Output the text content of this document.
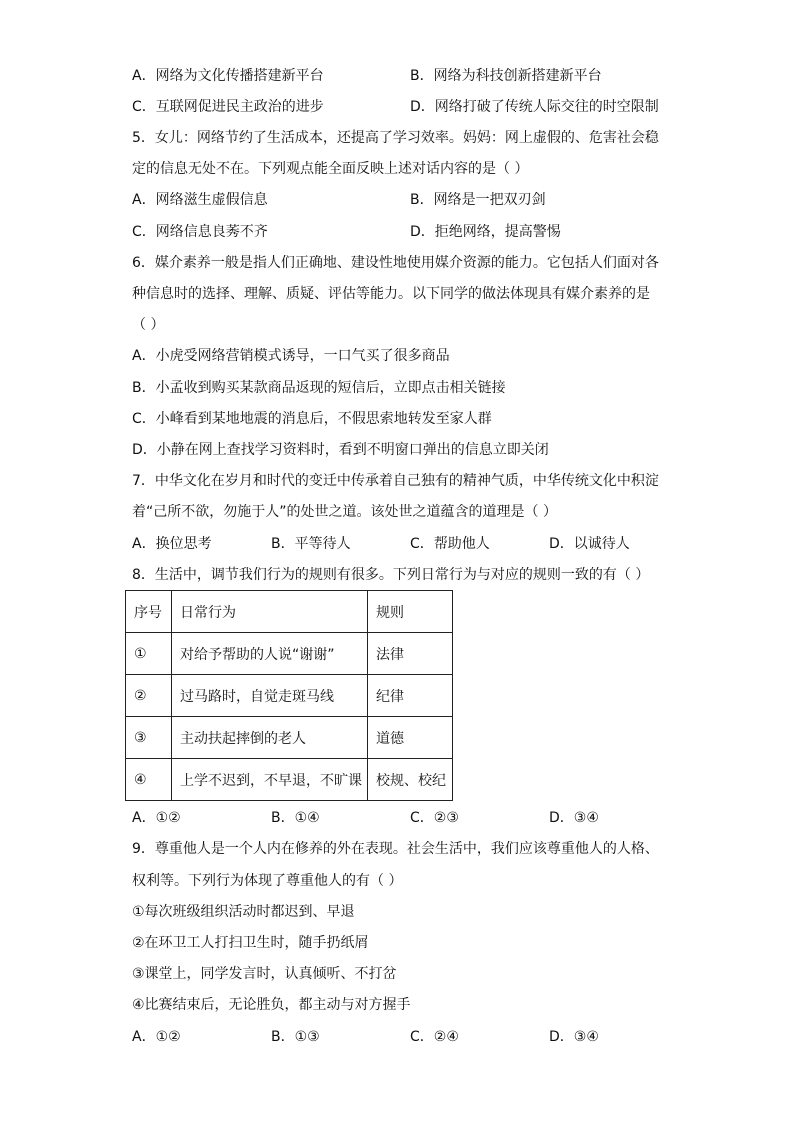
A．网络为文化传播搭建新平台	B．网络为科技创新搭建新平台
C．互联网促进民主政治的进步	D．网络打破了传统人际交往的时空限制
5．女儿：网络节约了生活成本，还提高了学习效率。妈妈：网上虚假的、危害社会稳
定的信息无处不在。下列观点能全面反映上述对话内容的是（ ）
A．网络滋生虚假信息	B．网络是一把双刃剑
C．网络信息良莠不齐	D．拒绝网络，提高警惕
6．媒介素养一般是指人们正确地、建设性地使用媒介资源的能力。它包括人们面对各
种信息时的选择、理解、质疑、评估等能力。以下同学的做法体现具有媒介素养的是
（ ）
A．小虎受网络营销模式诱导，一口气买了很多商品
B．小孟收到购买某款商品返现的短信后，立即点击相关链接
C．小峰看到某地地震的消息后，不假思索地转发至家人群
D．小静在网上查找学习资料时，看到不明窗口弹出的信息立即关闭
7．中华文化在岁月和时代的变迁中传承着自己独有的精神气质，中华传统文化中积淀
着“己所不欲，勿施于人”的处世之道。该处世之道蕴含的道理是（ ）
A．换位思考	B．平等待人	C．帮助他人	D．以诚待人
8．生活中，调节我们行为的规则有很多。下列日常行为与对应的规则一致的有（ ）
序号	日常行为	规则
①	对给予帮助的人说“谢谢”	法律
②	过马路时，自觉走斑马线	纪律
③	主动扶起摔倒的老人	道德
④	上学不迟到，不早退，不旷课	校规、校纪
A．①②	B．①④	C．②③	D．③④
9．尊重他人是一个人内在修养的外在表现。社会生活中，我们应该尊重他人的人格、
权利等。下列行为体现了尊重他人的有（ ）
①每次班级组织活动时都迟到、早退
②在环卫工人打扫卫生时，随手扔纸屑
③课堂上，同学发言时，认真倾听、不打岔
④比赛结束后，无论胜负，都主动与对方握手
A．①②	B．①③	C．②④	D．③④
